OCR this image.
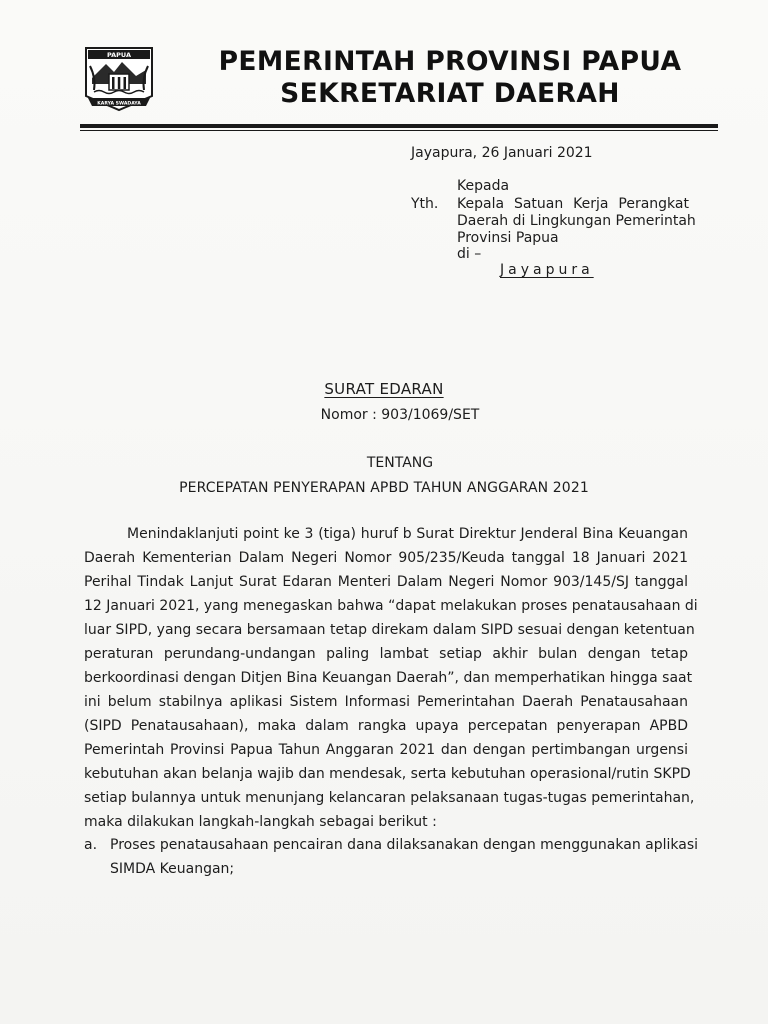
PAPUA
KARYA SWADAYA
PEMERINTAH PROVINSI PAPUA
SEKRETARIAT DAERAH
Jayapura, 26 Januari 2021
Kepada
Yth. Kepala Satuan Kerja Perangkat
Daerah di Lingkungan Pemerintah
Provinsi Papua
di –
Jayapura
SURAT EDARAN
Nomor : 903/1069/SET
TENTANG
PERCEPATAN PENYERAPAN APBD TAHUN ANGGARAN 2021
Menindaklanjuti point ke 3 (tiga) huruf b Surat Direktur Jenderal Bina Keuangan
Daerah Kementerian Dalam Negeri Nomor 905/235/Keuda tanggal 18 Januari 2021
Perihal Tindak Lanjut Surat Edaran Menteri Dalam Negeri Nomor 903/145/SJ tanggal
12 Januari 2021, yang menegaskan bahwa “dapat melakukan proses penatausahaan di
luar SIPD, yang secara bersamaan tetap direkam dalam SIPD sesuai dengan ketentuan
peraturan perundang-undangan paling lambat setiap akhir bulan dengan tetap
berkoordinasi dengan Ditjen Bina Keuangan Daerah”, dan memperhatikan hingga saat
ini belum stabilnya aplikasi Sistem Informasi Pemerintahan Daerah Penatausahaan
(SIPD Penatausahaan), maka dalam rangka upaya percepatan penyerapan APBD
Pemerintah Provinsi Papua Tahun Anggaran 2021 dan dengan pertimbangan urgensi
kebutuhan akan belanja wajib dan mendesak, serta kebutuhan operasional/rutin SKPD
setiap bulannya untuk menunjang kelancaran pelaksanaan tugas-tugas pemerintahan,
maka dilakukan langkah-langkah sebagai berikut :
a. Proses penatausahaan pencairan dana dilaksanakan dengan menggunakan aplikasi
SIMDA Keuangan;
